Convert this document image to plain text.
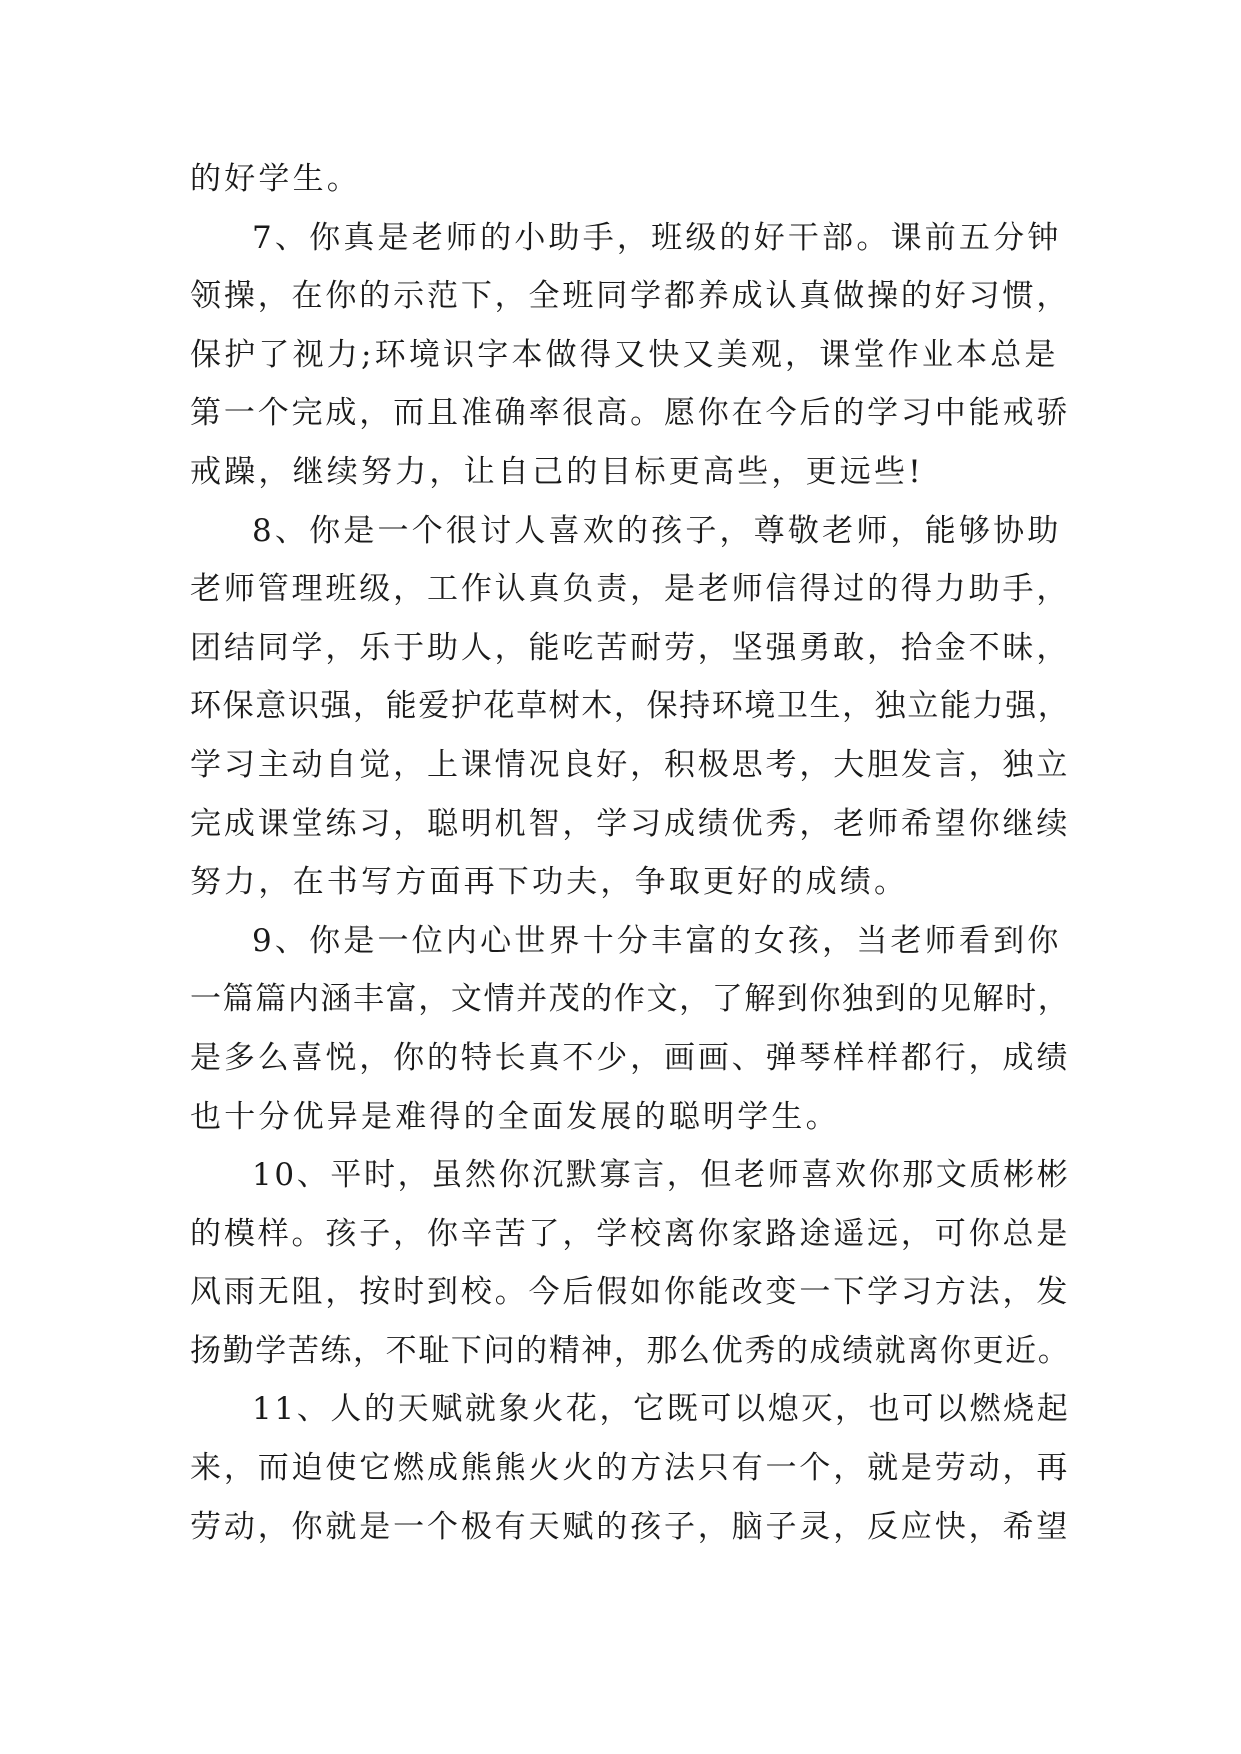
的好学生。
7、你真是老师的小助手，班级的好干部。课前五分钟
领操，在你的示范下，全班同学都养成认真做操的好习惯，
保护了视力;环境识字本做得又快又美观，课堂作业本总是
第一个完成，而且准确率很高。愿你在今后的学习中能戒骄
戒躁，继续努力，让自己的目标更高些，更远些!
8、你是一个很讨人喜欢的孩子，尊敬老师，能够协助
老师管理班级，工作认真负责，是老师信得过的得力助手，
团结同学，乐于助人，能吃苦耐劳，坚强勇敢，拾金不昧，
环保意识强，能爱护花草树木，保持环境卫生，独立能力强，
学习主动自觉，上课情况良好，积极思考，大胆发言，独立
完成课堂练习，聪明机智，学习成绩优秀，老师希望你继续
努力，在书写方面再下功夫，争取更好的成绩。
9、你是一位内心世界十分丰富的女孩，当老师看到你
一篇篇内涵丰富，文情并茂的作文，了解到你独到的见解时，
是多么喜悦，你的特长真不少，画画、弹琴样样都行，成绩
也十分优异是难得的全面发展的聪明学生。
10、平时，虽然你沉默寡言，但老师喜欢你那文质彬彬
的模样。孩子，你辛苦了，学校离你家路途遥远，可你总是
风雨无阻，按时到校。今后假如你能改变一下学习方法，发
扬勤学苦练，不耻下问的精神，那么优秀的成绩就离你更近。
11、人的天赋就象火花，它既可以熄灭，也可以燃烧起
来，而迫使它燃成熊熊火火的方法只有一个，就是劳动，再
劳动，你就是一个极有天赋的孩子，脑子灵，反应快，希望
